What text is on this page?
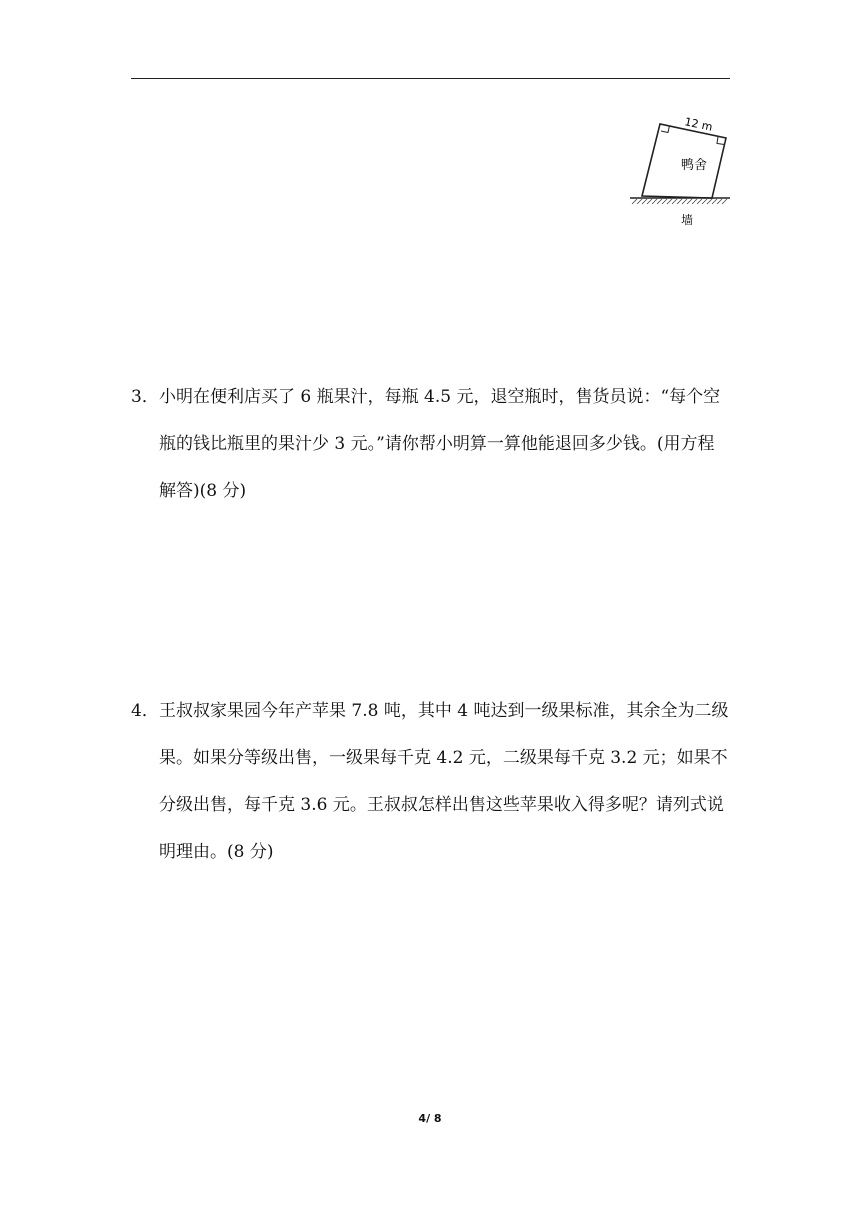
12 m
鸭舍
墙
3． 小明在便利店买了 6 瓶果汁，每瓶 4.5 元，退空瓶时，售货员说：“每个空瓶的钱比瓶里的果汁少 3 元。”请你帮小明算一算他能退回多少钱。(用方程解答)(8 分)
4． 王叔叔家果园今年产苹果 7.8 吨，其中 4 吨达到一级果标准，其余全为二级果。如果分等级出售，一级果每千克 4.2 元，二级果每千克 3.2 元；如果不分级出售，每千克 3.6 元。王叔叔怎样出售这些苹果收入得多呢？请列式说明理由。(8 分)
4/ 8
